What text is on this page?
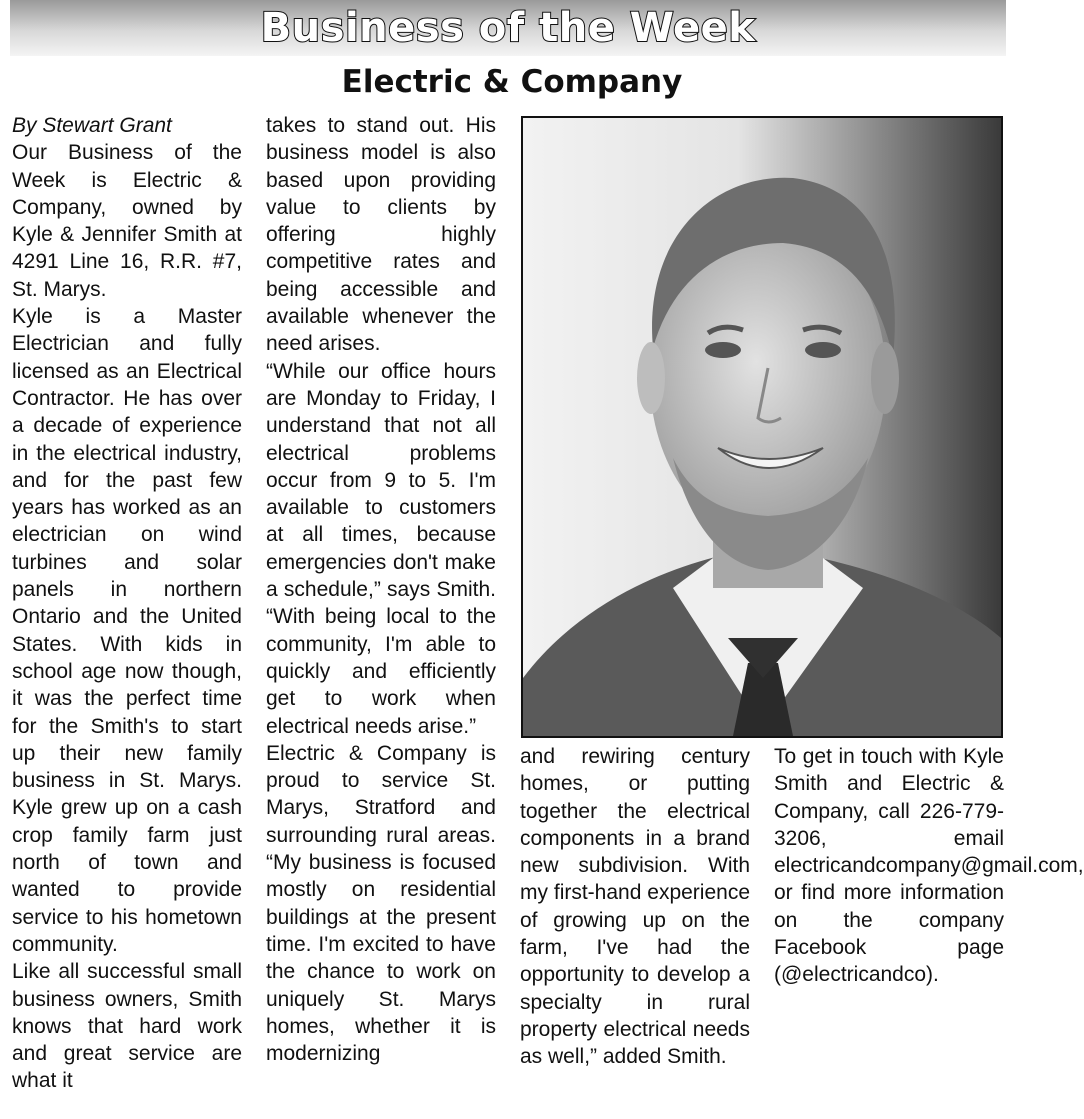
Business of the Week
Electric & Company

By Stewart Grant

Our Business of the Week is Electric & Company, owned by Kyle & Jennifer Smith at 4291 Line 16, R.R. #7, St. Marys.

Kyle is a Master Electrician and fully licensed as an Electrical Contractor. He has over a decade of experience in the electrical industry, and for the past few years has worked as an electrician on wind turbines and solar panels in northern Ontario and the United States. With kids in school age now though, it was the perfect time for the Smith's to start up their new family business in St. Marys. Kyle grew up on a cash crop family farm just north of town and wanted to provide service to his hometown community.

Like all successful small business owners, Smith knows that hard work and great service are what it

takes to stand out. His business model is also based upon providing value to clients by offering highly competitive rates and being accessible and available whenever the need arises.

“While our office hours are Monday to Friday, I understand that not all electrical problems occur from 9 to 5. I'm available to customers at all times, because emergencies don't make a schedule,” says Smith. “With being local to the community, I'm able to quickly and efficiently get to work when electrical needs arise.”

Electric & Company is proud to service St. Marys, Stratford and surrounding rural areas. “My business is focused mostly on residential buildings at the present time. I'm excited to have the chance to work on uniquely St. Marys homes, whether it is modernizing

and rewiring century homes, or putting together the electrical components in a brand new subdivision. With my first-hand experience of growing up on the farm, I've had the opportunity to develop a specialty in rural property electrical needs as well,” added Smith.

To get in touch with Kyle Smith and Electric & Company, call 226-779-3206, email electricandcompany@gmail.com, or find more information on the company Facebook page (@electricandco).
